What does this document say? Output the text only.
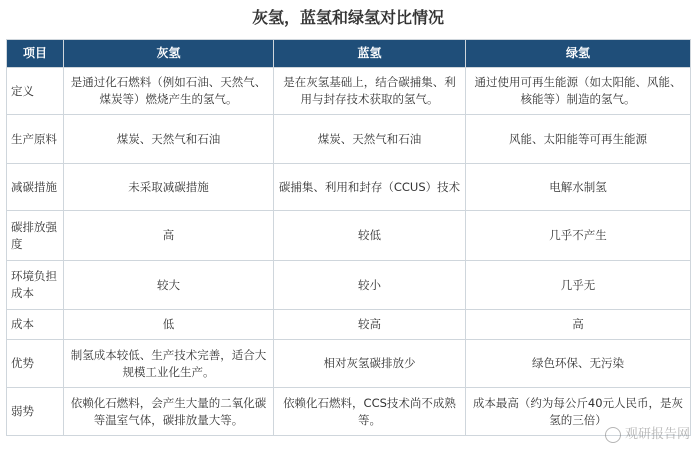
灰氢，蓝氢和绿氢对比情况
项目	灰氢	蓝氢	绿氢
定义	是通过化石燃料（例如石油、天然气、煤炭等）燃烧产生的氢气。	是在灰氢基础上，结合碳捕集、利用与封存技术获取的氢气。	通过使用可再生能源（如太阳能、风能、核能等）制造的氢气。
生产原料	煤炭、天然气和石油	煤炭、天然气和石油	风能、太阳能等可再生能源
减碳措施	未采取减碳措施	碳捕集、利用和封存（CCUS）技术	电解水制氢
碳排放强度	高	较低	几乎不产生
环境负担成本	较大	较小	几乎无
成本	低	较高	高
优势	制氢成本较低、生产技术完善，适合大规模工业化生产。	相对灰氢碳排放少	绿色环保、无污染
弱势	依赖化石燃料，会产生大量的二氧化碳等温室气体，碳排放量大等。	依赖化石燃料，CCS技术尚不成熟等。	成本最高（约为每公斤40元人民币，是灰氢的三倍）
观研报告网
